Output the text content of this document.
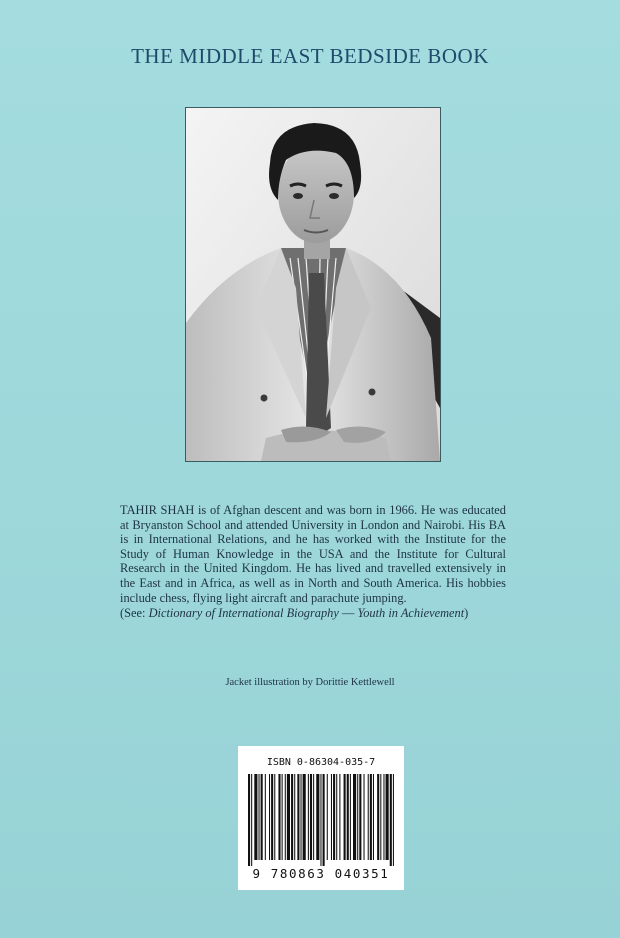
THE MIDDLE EAST BEDSIDE BOOK

TAHIR SHAH is of Afghan descent and was born in 1966. He was educated at Bryanston School and attended University in London and Nairobi. His BA is in International Relations, and he has worked with the Institute for the Study of Human Knowledge in the USA and the Institute for Cultural Research in the United Kingdom. He has lived and travelled extensively in the East and in Africa, as well as in North and South America. His hobbies include chess, flying light aircraft and parachute jumping.

(See: Dictionary of International Biography — Youth in Achievement)
Jacket illustration by Dorittie Kettlewell
ISBN 0-86304-035-7
9 780863 040351
